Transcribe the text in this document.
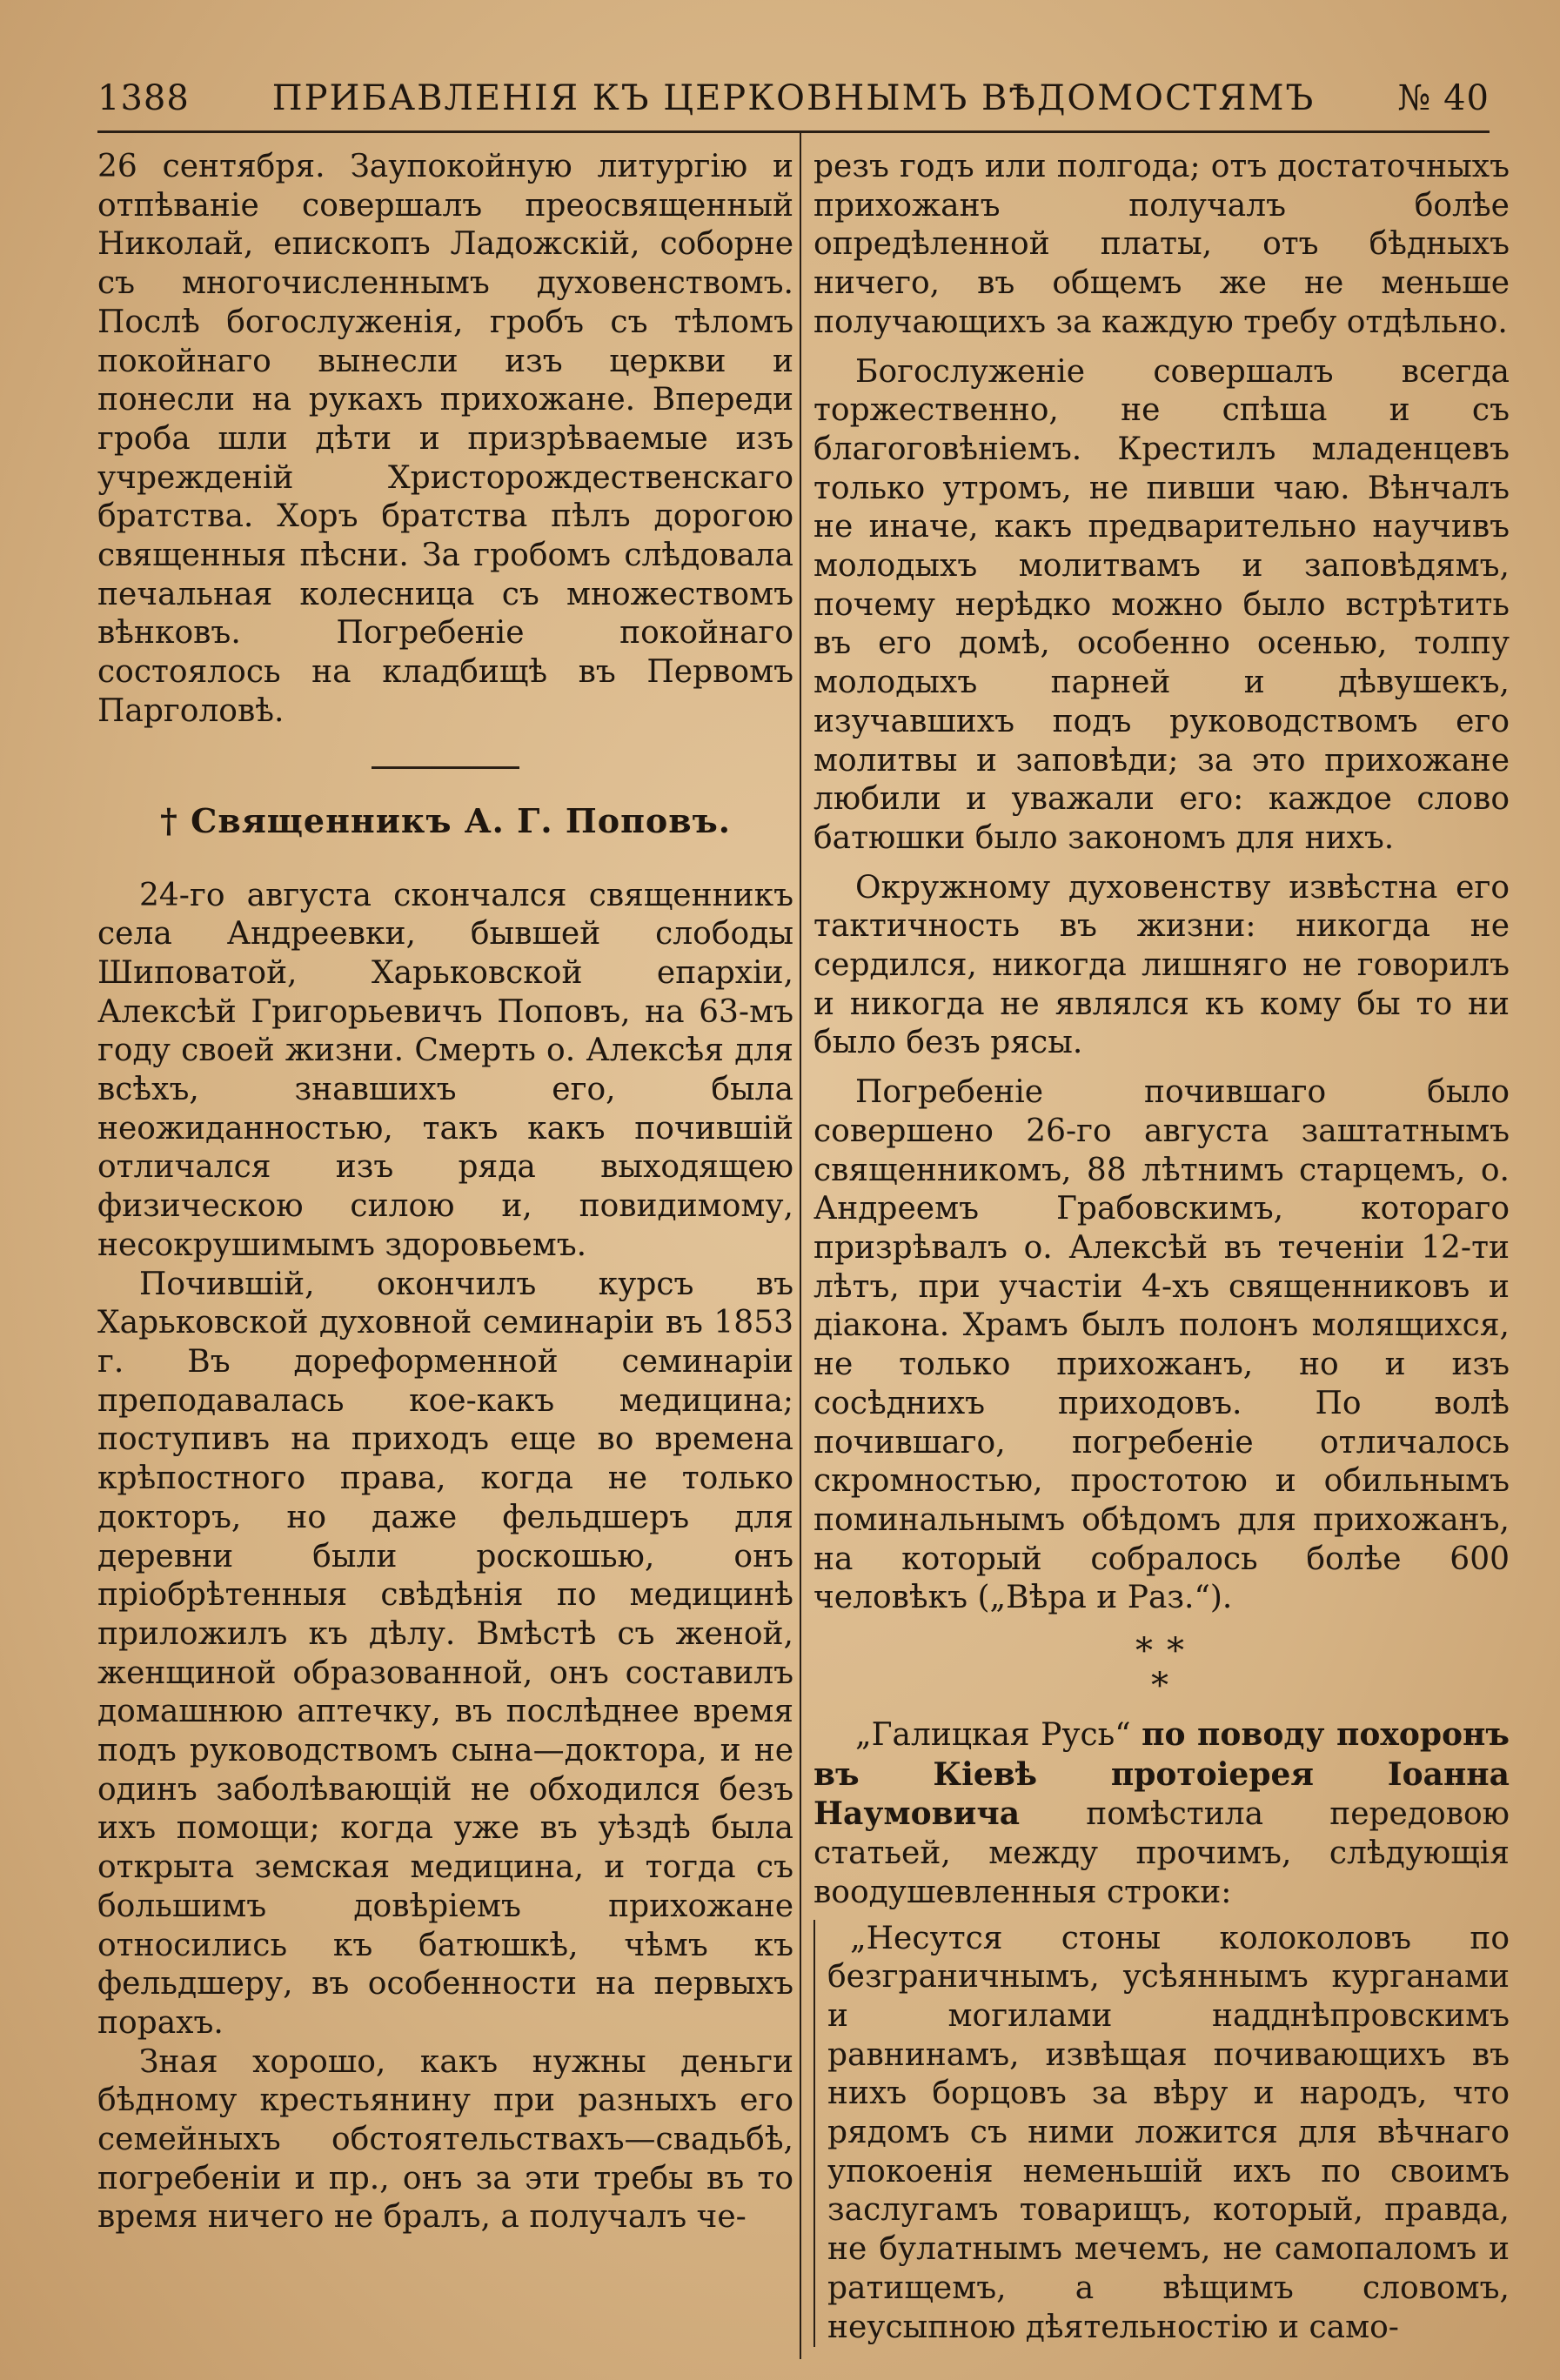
1388	ПРИБАВЛЕНІЯ КЪ ЦЕРКОВНЫМЪ ВѢДОМОСТЯМЪ	№ 40

26 сентября. Заупокойную литургію и отпѣваніе совершалъ преосвященный Николай, епископъ Ладожскій, соборне съ многочисленнымъ духовенствомъ. Послѣ богослуженія, гробъ съ тѣломъ покойнаго вынесли изъ церкви и понесли на рукахъ прихожане. Впереди гроба шли дѣти и призрѣваемые изъ учрежденій Христорождественскаго братства. Хоръ братства пѣлъ дорогою священныя пѣсни. За гробомъ слѣдовала печальная колесница съ множествомъ вѣнковъ. Погребеніе покойнаго состоялось на кладбищѣ въ Первомъ Парголовѣ.

† Священникъ А. Г. Поповъ.

24-го августа скончался священникъ села Андреевки, бывшей слободы Шиповатой, Харьковской епархіи, Алексѣй Григорьевичъ Поповъ, на 63-мъ году своей жизни. Смерть о. Алексѣя для всѣхъ, знавшихъ его, была неожиданностью, такъ какъ почившій отличался изъ ряда выходящею физическою силою и, повидимому, несокрушимымъ здоровьемъ.

Почившій, окончилъ курсъ въ Харьковской духовной семинаріи въ 1853 г. Въ дореформенной семинаріи преподавалась кое-какъ медицина; поступивъ на приходъ еще во времена крѣпостного права, когда не только докторъ, но даже фельдшеръ для деревни были роскошью, онъ пріобрѣтенныя свѣдѣнія по медицинѣ приложилъ къ дѣлу. Вмѣстѣ съ женой, женщиной образованной, онъ составилъ домашнюю аптечку, въ послѣднее время подъ руководствомъ сына—доктора, и не одинъ заболѣвающій не обходился безъ ихъ помощи; когда уже въ уѣздѣ была открыта земская медицина, и тогда съ большимъ довѣріемъ прихожане относились къ батюшкѣ, чѣмъ къ фельдшеру, въ особенности на первыхъ порахъ.

Зная хорошо, какъ нужны деньги бѣдному крестьянину при разныхъ его семейныхъ обстоятельствахъ—свадьбѣ, погребеніи и пр., онъ за эти требы въ то время ничего не бралъ, а получалъ че-

резъ годъ или полгода; отъ достаточныхъ прихожанъ получалъ болѣе опредѣленной платы, отъ бѣдныхъ ничего, въ общемъ же не меньше получающихъ за каждую требу отдѣльно.

Богослуженіе совершалъ всегда торжественно, не спѣша и съ благоговѣніемъ. Крестилъ младенцевъ только утромъ, не пивши чаю. Вѣнчалъ не иначе, какъ предварительно научивъ молодыхъ молитвамъ и заповѣдямъ, почему нерѣдко можно было встрѣтить въ его домѣ, особенно осенью, толпу молодыхъ парней и дѣвушекъ, изучавшихъ подъ руководствомъ его молитвы и заповѣди; за это прихожане любили и уважали его: каждое слово батюшки было закономъ для нихъ.

Окружному духовенству извѣстна его тактичность въ жизни: никогда не сердился, никогда лишняго не говорилъ и никогда не являлся къ кому бы то ни было безъ рясы.

Погребеніе почившаго было совершено 26-го августа заштатнымъ священникомъ, 88 лѣтнимъ старцемъ, о. Андреемъ Грабовскимъ, котораго призрѣвалъ о. Алексѣй въ теченіи 12-ти лѣтъ, при участіи 4-хъ священниковъ и діакона. Храмъ былъ полонъ молящихся, не только прихожанъ, но и изъ сосѣднихъ приходовъ. По волѣ почившаго, погребеніе отличалось скромностью, простотою и обильнымъ поминальнымъ обѣдомъ для прихожанъ, на который собралось болѣе 600 человѣкъ („Вѣра и Раз.“).

* *
*

„Галицкая Русь“ по поводу похоронъ въ Кіевѣ протоіерея Іоанна Наумовича помѣстила передовою статьей, между прочимъ, слѣдующія воодушевленныя строки:

„Несутся стоны колоколовъ по безграничнымъ, усѣяннымъ курганами и могилами надднѣпровскимъ равнинамъ, извѣщая почивающихъ въ нихъ борцовъ за вѣру и народъ, что рядомъ съ ними ложится для вѣчнаго упокоенія неменьшій ихъ по своимъ заслугамъ товарищъ, который, правда, не булатнымъ мечемъ, не самопаломъ и ратищемъ, а вѣщимъ словомъ, неусыпною дѣятельностію и само-
